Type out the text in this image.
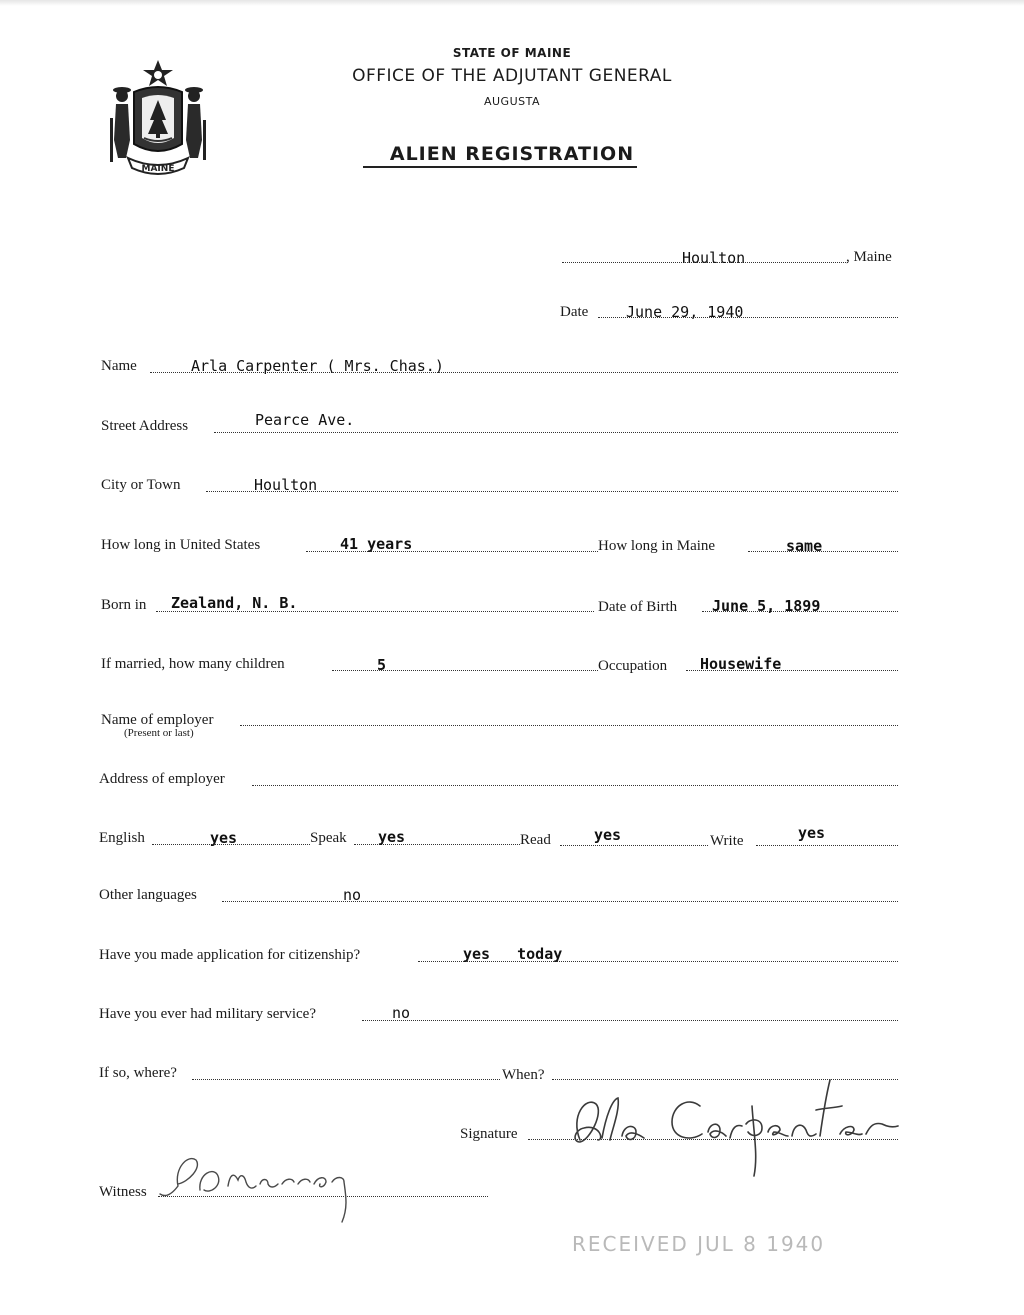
MAINE
STATE OF MAINE
OFFICE OF THE ADJUTANT GENERAL
AUGUSTA
ALIEN REGISTRATION
Houlton	, Maine
Date	June 29, 1940
Name	Arla Carpenter ( Mrs. Chas.)
Street Address	Pearce Ave.
City or Town	Houlton
How long in United States	41 years	How long in Maine	same
Born in Zealand, N. B.	Date of Birth June 5, 1899
If married, how many children	5	Occupation Housewife
Name of employer
(Present or last)
Address of employer
English	yes	Speak yes	Read	yes	Write	yes
Other languages	no
Have you made application for citizenship?	yes today
Have you ever had military service?	no
If so, where?	When?
Signature
Witness
RECEIVED JUL 8 1940
